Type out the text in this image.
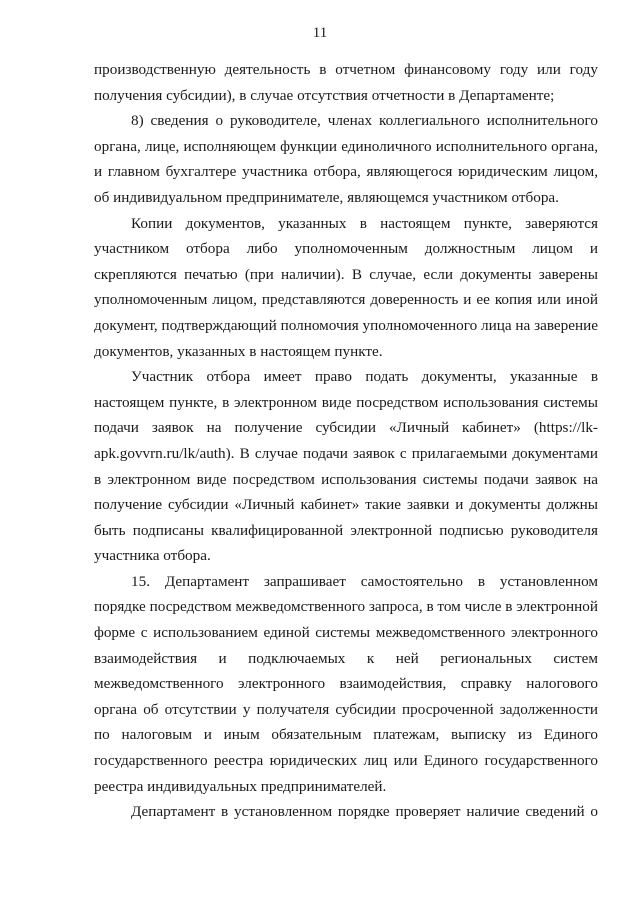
11

производственную деятельность в отчетном финансовому году или году получения субсидии), в случае отсутствия отчетности в Департаменте;

8) сведения о руководителе, членах коллегиального исполнительного органа, лице, исполняющем функции единоличного исполнительного органа, и главном бухгалтере участника отбора, являющегося юридическим лицом, об индивидуальном предпринимателе, являющемся участником отбора.

Копии документов, указанных в настоящем пункте, заверяются участником отбора либо уполномоченным должностным лицом и скрепляются печатью (при наличии). В случае, если документы заверены уполномоченным лицом, представляются доверенность и ее копия или иной документ, подтверждающий полномочия уполномоченного лица на заверение документов, указанных в настоящем пункте.

Участник отбора имеет право подать документы, указанные в настоящем пункте, в электронном виде посредством использования системы подачи заявок на получение субсидии «Личный кабинет» (https://lk-apk.govvrn.ru/lk/auth). В случае подачи заявок с прилагаемыми документами в электронном виде посредством использования системы подачи заявок на получение субсидии «Личный кабинет» такие заявки и документы должны быть подписаны квалифицированной электронной подписью руководителя участника отбора.

15. Департамент запрашивает самостоятельно в установленном порядке посредством межведомственного запроса, в том числе в электронной форме с использованием единой системы межведомственного электронного взаимодействия и подключаемых к ней региональных систем межведомственного электронного взаимодействия, справку налогового органа об отсутствии у получателя субсидии просроченной задолженности по налоговым и иным обязательным платежам, выписку из Единого государственного реестра юридических лиц или Единого государственного реестра индивидуальных предпринимателей.

Департамент в установленном порядке проверяет наличие сведений о
